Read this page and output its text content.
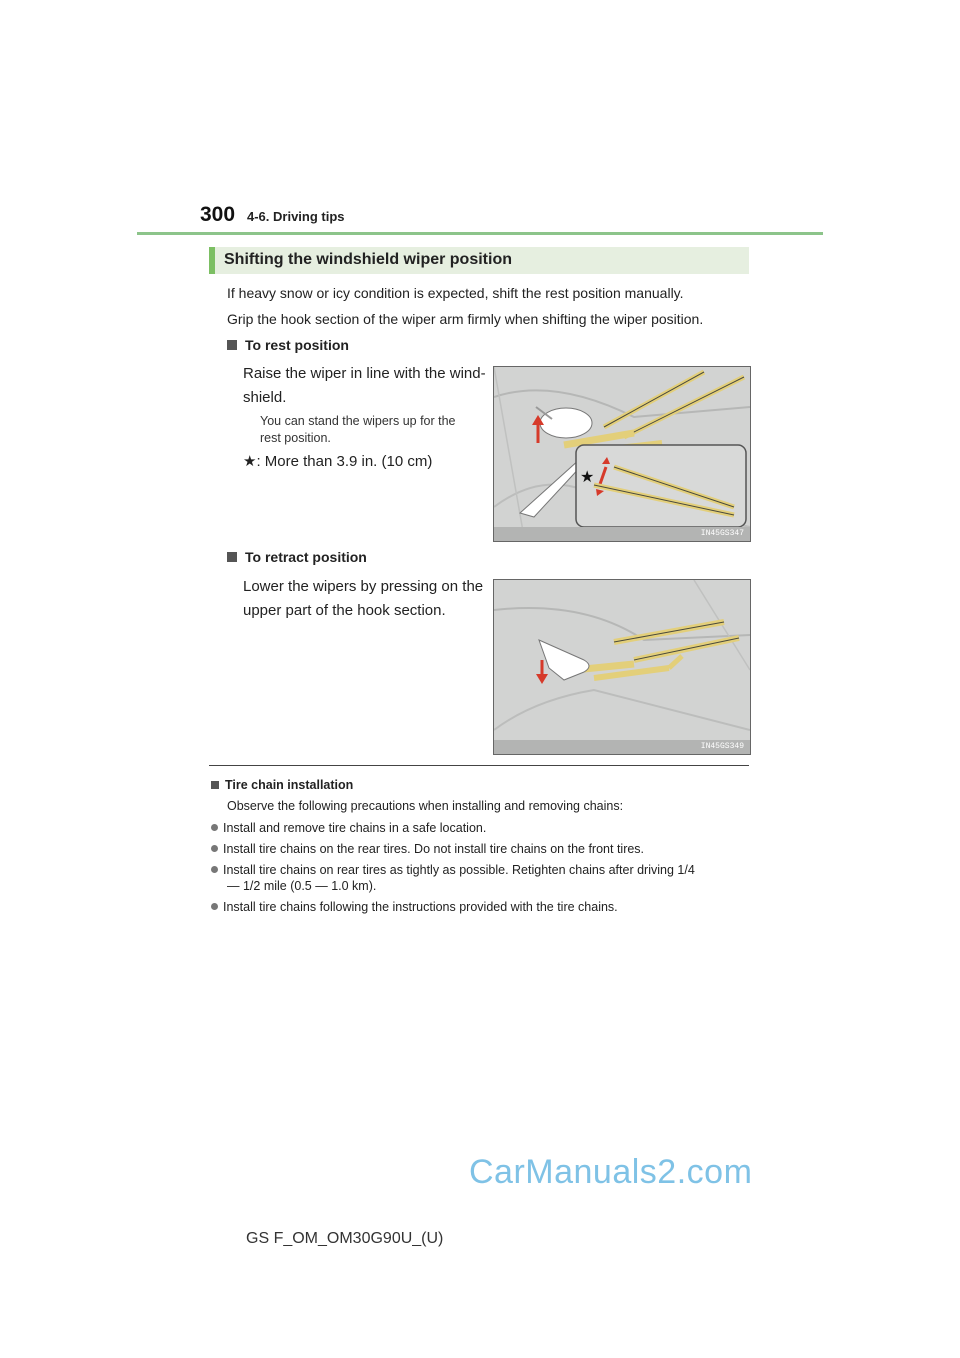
300 4-6. Driving tips
Shifting the windshield wiper position
If heavy snow or icy condition is expected, shift the rest position manually.
Grip the hook section of the wiper arm firmly when shifting the wiper position.
To rest position
Raise the wiper in line with the wind-
shield.
You can stand the wipers up for the
rest position.
★: More than 3.9 in. (10 cm)
★
IN45GS347
To retract position
Lower the wipers by pressing on the
upper part of the hook section.
IN45GS349
Tire chain installation
Observe the following precautions when installing and removing chains:
Install and remove tire chains in a safe location.
Install tire chains on the rear tires. Do not install tire chains on the front tires.
Install tire chains on rear tires as tightly as possible. Retighten chains after driving 1/4
— 1/2 mile (0.5 — 1.0 km).
Install tire chains following the instructions provided with the tire chains.
CarManuals2.com
GS F_OM_OM30G90U_(U)
